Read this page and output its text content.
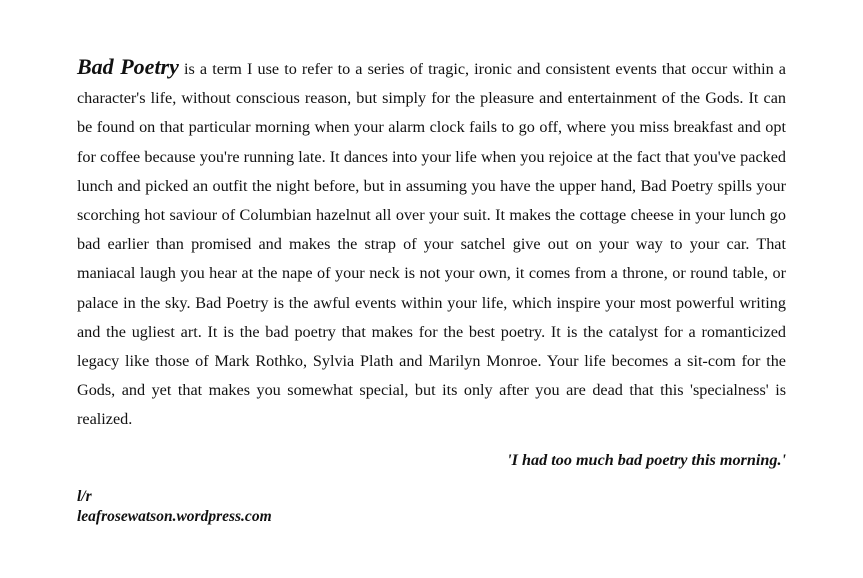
Bad Poetry is a term I use to refer to a series of tragic, ironic and consistent events that occur within a character's life, without conscious reason, but simply for the pleasure and entertainment of the Gods. It can be found on that particular morning when your alarm clock fails to go off, where you miss breakfast and opt for coffee because you're running late. It dances into your life when you rejoice at the fact that you've packed lunch and picked an outfit the night before, but in assuming you have the upper hand, Bad Poetry spills your scorching hot saviour of Columbian hazelnut all over your suit. It makes the cottage cheese in your lunch go bad earlier than promised and makes the strap of your satchel give out on your way to your car. That maniacal laugh you hear at the nape of your neck is not your own, it comes from a throne, or round table, or palace in the sky. Bad Poetry is the awful events within your life, which inspire your most powerful writing and the ugliest art. It is the bad poetry that makes for the best poetry. It is the catalyst for a romanticized legacy like those of Mark Rothko, Sylvia Plath and Marilyn Monroe. Your life becomes a sit-com for the Gods, and yet that makes you somewhat special, but its only after you are dead that this 'specialness' is realized.

'I had too much bad poetry this morning.'

l/r
leafrosewatson.wordpress.com
